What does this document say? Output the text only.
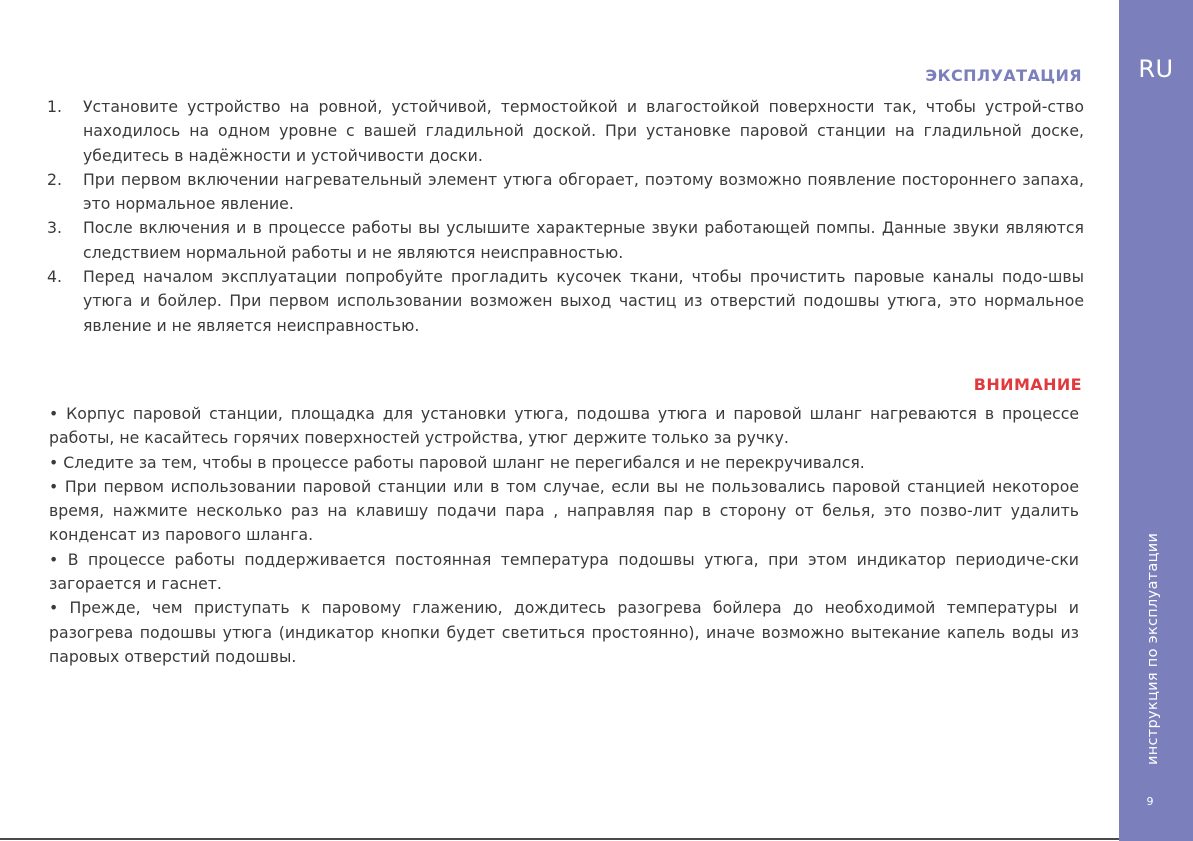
ЭКСПЛУАТАЦИЯ
1.	Установите устройство на ровной, устойчивой, термостойкой и влагостойкой поверхности так, чтобы устрой-ство находилось на одном уровне с вашей гладильной доской. При установке паровой станции на гладильной доске, убедитесь в надёжности и устойчивости доски.
2.	При первом включении нагревательный элемент утюга обгорает, поэтому возможно появление постороннего запаха, это нормальное явление.
3.	После включения и в процессе работы вы услышите характерные звуки работающей помпы. Данные звуки являются следствием нормальной работы и не являются неисправностью.
4.	Перед началом эксплуатации попробуйте прогладить кусочек ткани, чтобы прочистить паровые каналы подо-швы утюга и бойлер. При первом использовании возможен выход частиц из отверстий подошвы утюга, это нормальное явление и не является неисправностью.
ВНИМАНИЕ

• Корпус паровой станции, площадка для установки утюга, подошва утюга и паровой шланг нагреваются в процессе работы, не касайтесь горячих поверхностей устройства, утюг держите только за ручку.

• Следите за тем, чтобы в процессе работы паровой шланг не перегибался и не перекручивался.

• При первом использовании паровой станции или в том случае, если вы не пользовались паровой станцией некоторое время, нажмите несколько раз на клавишу подачи пара , направляя пар в сторону от белья, это позво-лит удалить конденсат из парового шланга.

• В процессе работы поддерживается постоянная температура подошвы утюга, при этом индикатор периодиче-ски загорается и гаснет.

• Прежде, чем приступать к паровому глажению, дождитесь разогрева бойлера до необходимой температуры и разогрева подошвы утюга (индикатор кнопки будет светиться простоянно), иначе возможно вытекание капель воды из паровых отверстий подошвы.

RU
инструкция по эксплуатации
9
